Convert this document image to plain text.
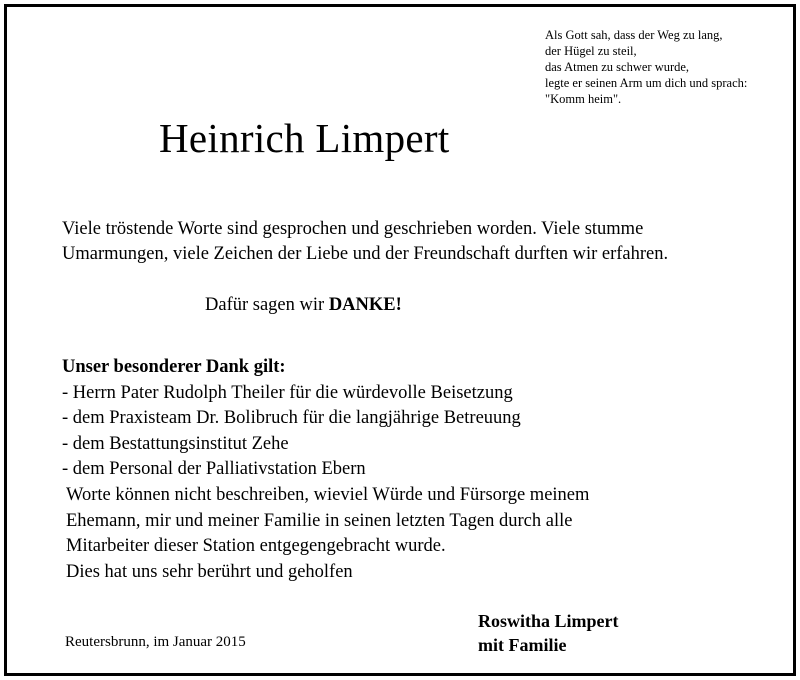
Als Gott sah, dass der Weg zu lang,
der Hügel zu steil,
das Atmen zu schwer wurde,
legte er seinen Arm um dich und sprach:
"Komm heim".
Heinrich Limpert
Viele tröstende Worte sind gesprochen und geschrieben worden. Viele stumme
Umarmungen, viele Zeichen der Liebe und der Freundschaft durften wir erfahren.
Dafür sagen wir DANKE!
Unser besonderer Dank gilt:
- Herrn Pater Rudolph Theiler für die würdevolle Beisetzung
- dem Praxisteam Dr. Bolibruch für die langjährige Betreuung
- dem Bestattungsinstitut Zehe
- dem Personal der Palliativstation Ebern
Worte können nicht beschreiben, wieviel Würde und Fürsorge meinem
Ehemann, mir und meiner Familie in seinen letzten Tagen durch alle
Mitarbeiter dieser Station entgegengebracht wurde.
Dies hat uns sehr berührt und geholfen
Reutersbrunn, im Januar 2015
Roswitha Limpert
mit Familie
